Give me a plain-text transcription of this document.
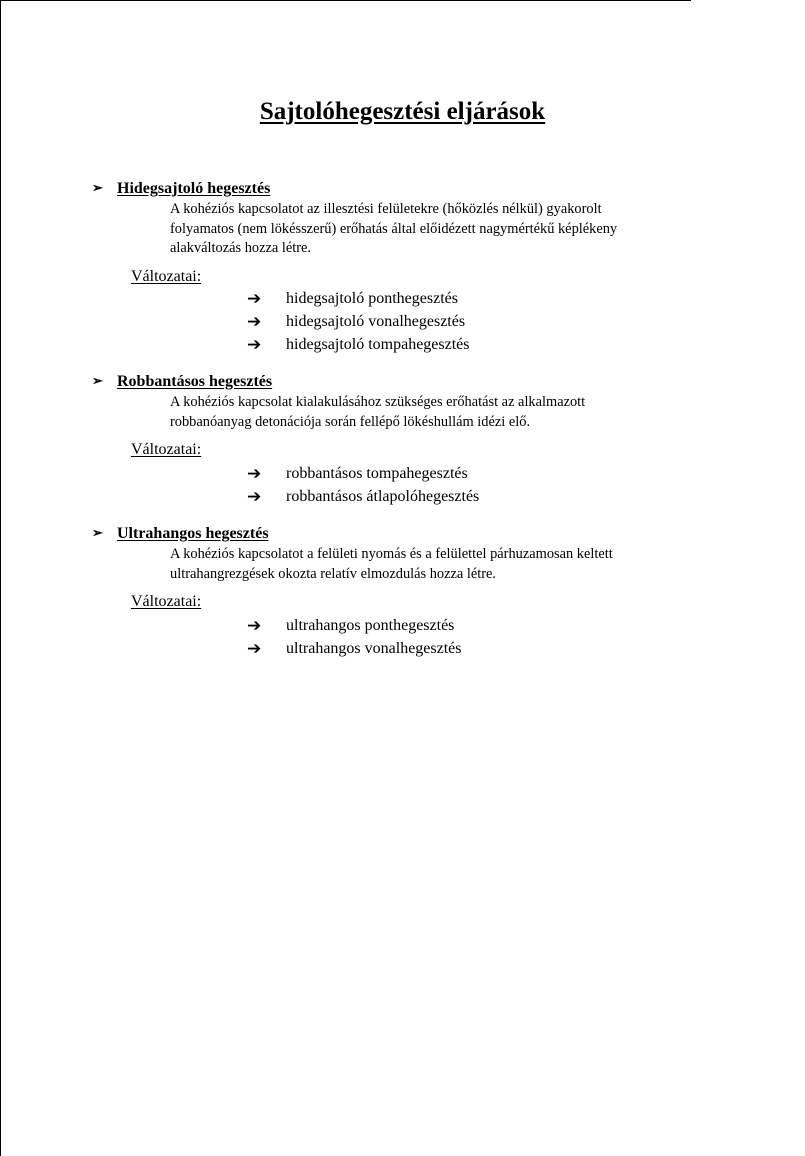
Sajtolóhegesztési eljárások
➢ Hidegsajtoló hegesztés
A kohéziós kapcsolatot az illesztési felületekre (hőközlés nélkül) gyakorolt
folyamatos (nem lökésszerű) erőhatás által előidézett nagymértékű képlékeny
alakváltozás hozza létre.
Változatai:
➔	hidegsajtoló ponthegesztés
➔	hidegsajtoló vonalhegesztés
➔	hidegsajtoló tompahegesztés
➢ Robbantásos hegesztés
A kohéziós kapcsolat kialakulásához szükséges erőhatást az alkalmazott
robbanóanyag detonációja során fellépő lökéshullám idézi elő.
Változatai:
➔	robbantásos tompahegesztés
➔	robbantásos átlapolóhegesztés
➢ Ultrahangos hegesztés
A kohéziós kapcsolatot a felületi nyomás és a felülettel párhuzamosan keltett
ultrahangrezgések okozta relatív elmozdulás hozza létre.
Változatai:
➔	ultrahangos ponthegesztés
➔	ultrahangos vonalhegesztés
